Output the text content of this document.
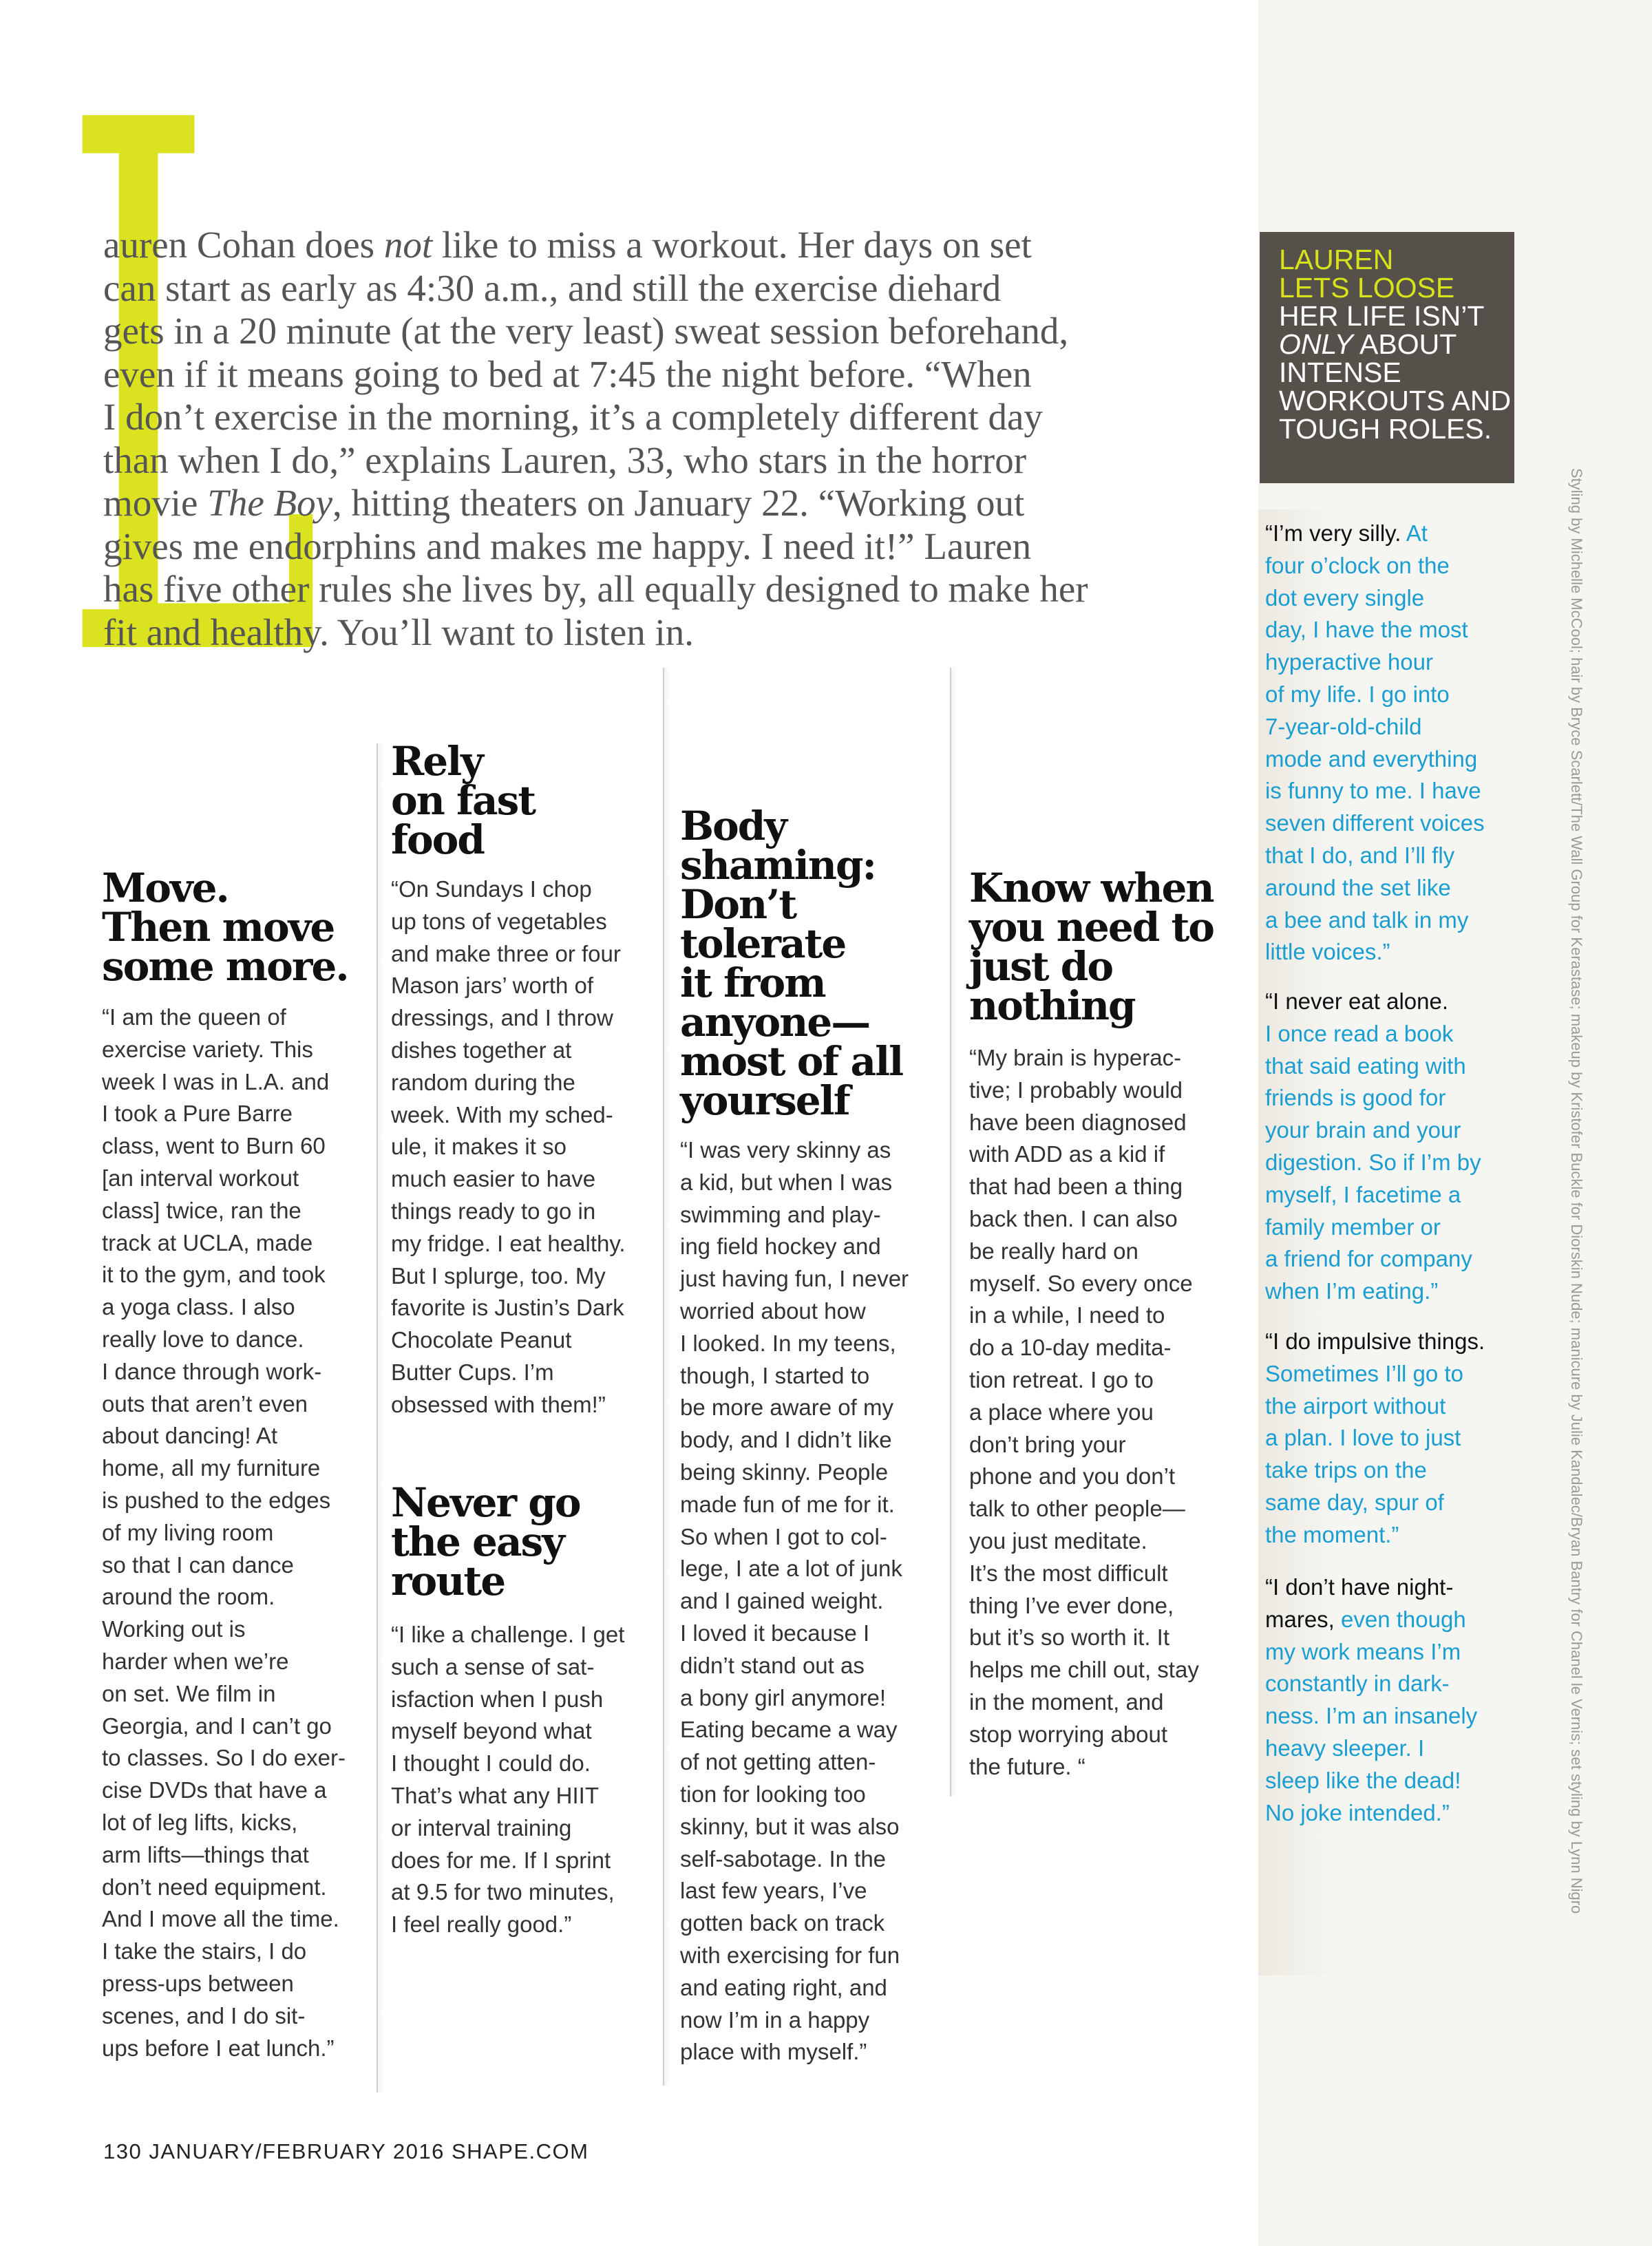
L

auren Cohan does not like to miss a workout. Her days on set
can start as early as 4:30 a.m., and still the exercise diehard
gets in a 20 minute (at the very least) sweat session beforehand,
even if it means going to bed at 7:45 the night before. “When
I don’t exercise in the morning, it’s a completely different day
than when I do,” explains Lauren, 33, who stars in the horror
movie The Boy, hitting theaters on January 22. “Working out
gives me endorphins and makes me happy. I need it!” Lauren
has five other rules she lives by, all equally designed to make her
fit and healthy. You’ll want to listen in.

Move.
Then move
some more.

“I am the queen of
exercise variety. This
week I was in L.A. and
I took a Pure Barre
class, went to Burn 60
[an interval workout
class] twice, ran the
track at UCLA, made
it to the gym, and took
a yoga class. I also
really love to dance.
I dance through work-
outs that aren’t even
about dancing! At
home, all my furniture
is pushed to the edges
of my living room
so that I can dance
around the room.
Working out is
harder when we’re
on set. We film in
Georgia, and I can’t go
to classes. So I do exer-
cise DVDs that have a
lot of leg lifts, kicks,
arm lifts—things that
don’t need equipment.
And I move all the time.
I take the stairs, I do
press-ups between
scenes, and I do sit-
ups before I eat lunch.”

Rely
on fast
food

“On Sundays I chop
up tons of vegetables
and make three or four
Mason jars’ worth of
dressings, and I throw
dishes together at
random during the
week. With my sched-
ule, it makes it so
much easier to have
things ready to go in
my fridge. I eat healthy.
But I splurge, too. My
favorite is Justin’s Dark
Chocolate Peanut
Butter Cups. I’m
obsessed with them!”

Never go
the easy
route

“I like a challenge. I get
such a sense of sat-
isfaction when I push
myself beyond what
I thought I could do.
That’s what any HIIT
or interval training
does for me. If I sprint
at 9.5 for two minutes,
I feel really good.”

Body
shaming:
Don’t
tolerate
it from
anyone—
most of all
yourself

“I was very skinny as
a kid, but when I was
swimming and play-
ing field hockey and
just having fun, I never
worried about how
I looked. In my teens,
though, I started to
be more aware of my
body, and I didn’t like
being skinny. People
made fun of me for it.
So when I got to col-
lege, I ate a lot of junk
and I gained weight.
I loved it because I
didn’t stand out as
a bony girl anymore!
Eating became a way
of not getting atten-
tion for looking too
skinny, but it was also
self-sabotage. In the
last few years, I’ve
gotten back on track
with exercising for fun
and eating right, and
now I’m in a happy
place with myself.”

Know when
you need to
just do
nothing

“My brain is hyperac-
tive; I probably would
have been diagnosed
with ADD as a kid if
that had been a thing
back then. I can also
be really hard on
myself. So every once
in a while, I need to
do a 10-day medita-
tion retreat. I go to
a place where you
don’t bring your
phone and you don’t
talk to other people—
you just meditate.
It’s the most difficult
thing I’ve ever done,
but it’s so worth it. It
helps me chill out, stay
in the moment, and
stop worrying about
the future. “

LAUREN
LETS LOOSE
HER LIFE ISN’T
ONLY ABOUT
INTENSE
WORKOUTS AND
TOUGH ROLES.
“I’m very silly. At
four o’clock on the
dot every single
day, I have the most
hyperactive hour
of my life. I go into
7-year-old-child
mode and everything
is funny to me. I have
seven different voices
that I do, and I’ll fly
around the set like
a bee and talk in my
little voices.”
“I never eat alone.
I once read a book
that said eating with
friends is good for
your brain and your
digestion. So if I’m by
myself, I facetime a
family member or
a friend for company
when I’m eating.”
“I do impulsive things.
Sometimes I’ll go to
the airport without
a plan. I love to just
take trips on the
same day, spur of
the moment.”
“I don’t have night-
mares, even though
my work means I’m
constantly in dark-
ness. I’m an insanely
heavy sleeper. I
sleep like the dead!
No joke intended.”	Styling by Michelle McCool; hair by Bryce Scarlett/The Wall Group for Kerastase; makeup by Kristofer Buckle for Diorskin Nude; manicure by Julie Kandalec/Bryan Bantry for Chanel le Vernis; set styling by Lynn Nigro
130 JANUARY/FEBRUARY 2016 SHAPE.COM
